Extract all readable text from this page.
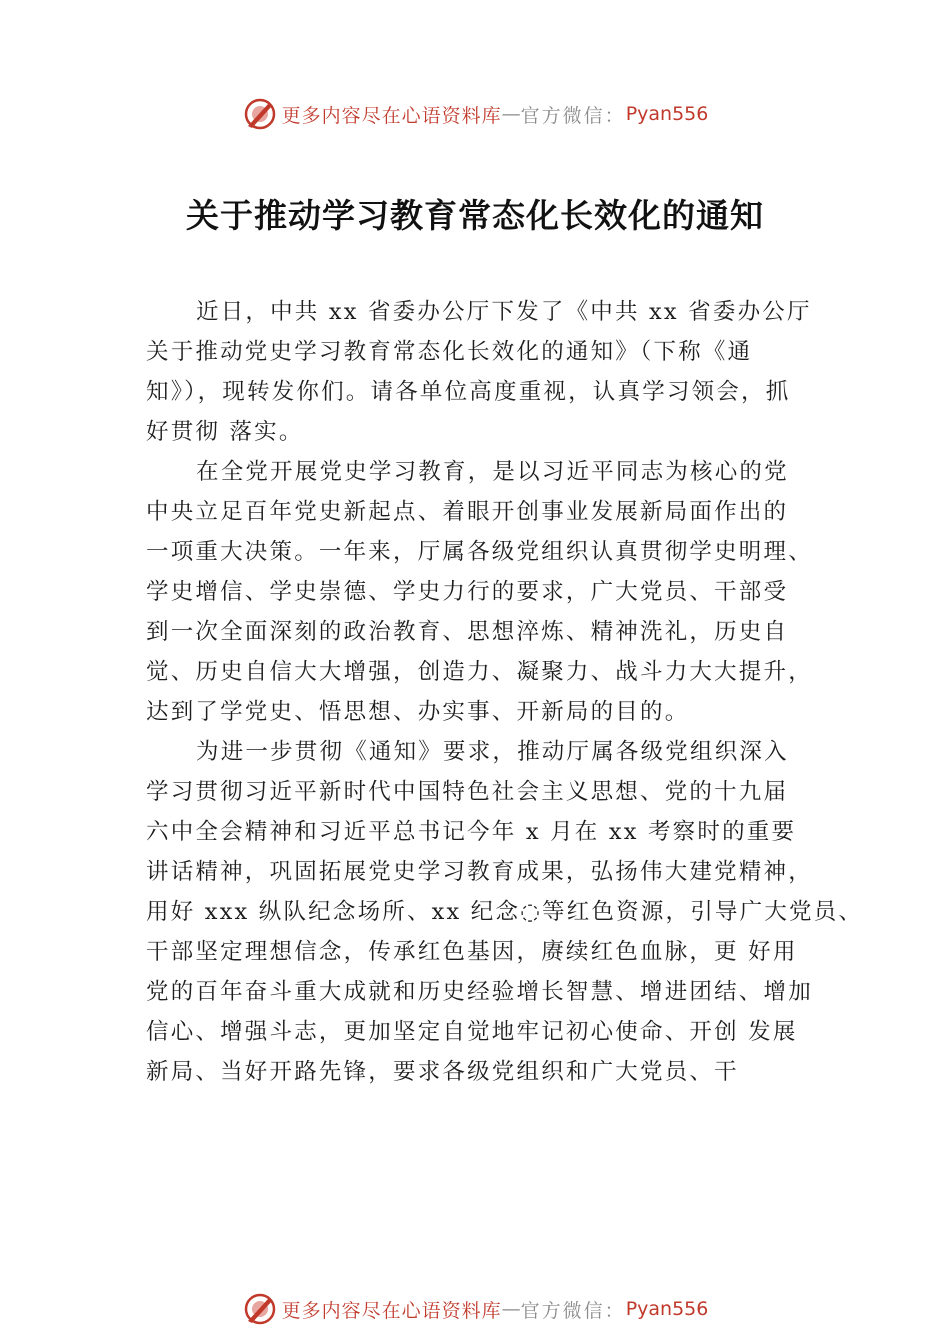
更多内容尽在心语资料库 — 官方微信： Pyan556
关于推动学习教育常态化长效化的通知
近日，中共 xx 省委办公厅下发了《中共 xx 省委办公厅
关于推动党史学习教育常态化长效化的通知》（下称《通
知》），现转发你们。请各单位高度重视，认真学习领会，抓
好贯彻 落实。
在全党开展党史学习教育，是以习近平同志为核心的党
中央立足百年党史新起点、着眼开创事业发展新局面作出的
一项重大决策。一年来，厅属各级党组织认真贯彻学史明理、
学史增信、学史崇德、学史力行的要求，广大党员、干部受
到一次全面深刻的政治教育、思想淬炼、精神洗礼，历史自
觉、历史自信大大增强，创造力、凝聚力、战斗力大大提升，
达到了学党史、悟思想、办实事、开新局的目的。
为进一步贯彻《通知》要求，推动厅属各级党组织深入
学习贯彻习近平新时代中国特色社会主义思想、党的十九届
六中全会精神和习近平总书记今年 x 月在 xx 考察时的重要
讲话精神，巩固拓展党史学习教育成果，弘扬伟大建党精神，
用好 xxx 纵队纪念场所、xx 纪念◌等红色资源，引导广大党员、
干部坚定理想信念，传承红色基因，赓续红色血脉，更 好用
党的百年奋斗重大成就和历史经验增长智慧、增进团结、增加
信心、增强斗志，更加坚定自觉地牢记初心使命、开创 发展
新局、当好开路先锋，要求各级党组织和广大党员、干
更多内容尽在心语资料库 — 官方微信： Pyan556
